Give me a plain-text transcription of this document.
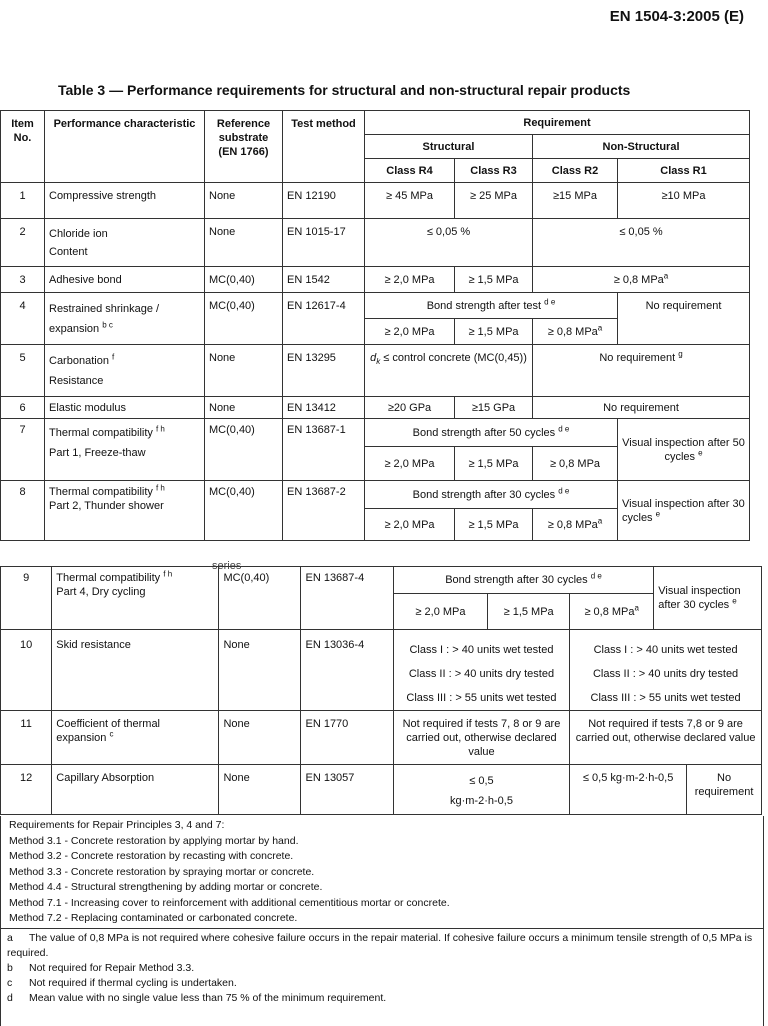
EN 1504-3:2005 (E)
Table 3 — Performance requirements for structural and non-structural repair products
Item No.	Performance characteristic	Reference substrate (EN 1766)	Test method	Requirement			
				Structural		Non-Structural	
				Class R4	Class R3	Class R2	Class R1
1	Compressive strength	None	EN 12190	≥ 45 MPa	≥ 25 MPa	≥15 MPa	≥10 MPa
2	Chloride ion
Content	None	EN 1015-17	≤ 0,05 %		≤ 0,05 %	
3	Adhesive bond	MC(0,40)	EN 1542	≥ 2,0 MPa	≥ 1,5 MPa	≥ 0,8 MPa$^a$
4	Restrained shrinkage /
expansion $^{b c}$	MC(0,40)	EN 12617-4	Bond strength after test $^{d e}$			No requirement
				≥ 2,0 MPa	≥ 1,5 MPa	≥ 0,8 MPa$^a$
5	Carbonation $^f$
Resistance	None	EN 13295	$d_k$ ≤ control concrete (MC(0,45))		No requirement $^g$
6	Elastic modulus	None	EN 13412	≥20 GPa	≥15 GPa	No requirement	
7	Thermal compatibility $^{f h}$
Part 1, Freeze-thaw	MC(0,40)	EN 13687-1	Bond strength after 50 cycles $^{d e}$			Visual inspection after 50 cycles $^e$
				≥ 2,0 MPa	≥ 1,5 MPa	≥ 0,8 MPa	
8	Thermal compatibility $^{f h}$
Part 2, Thunder shower	MC(0,40)	EN 13687-2	Bond strength after 30 cycles $^{d e}$			Visual inspection after 30 cycles $^e$
				≥ 2,0 MPa	≥ 1,5 MPa	≥ 0,8 MPa$^a$
series
9	Thermal compatibility $^{f h}$
Part 4, Dry cycling	MC(0,40)	EN 13687-4	Bond strength after 30 cycles $^{d e}$			Visual inspection after 30 cycles $^e$
				≥ 2,0 MPa	≥ 1,5 MPa	≥ 0,8 MPa$^a$
10	Skid resistance	None	EN 13036-4	Class I : > 40 units wet tested
Class II : > 40 units dry tested
Class III : > 55 units wet tested		Class I : > 40 units wet tested
Class II : > 40 units dry tested
Class III : > 55 units wet tested		
11	Coefficient of thermal
expansion $^c$	None	EN 1770	Not required if tests 7, 8 or 9 are carried out, otherwise declared value		Not required if tests 7,8 or 9 are carried out, otherwise declared value		
12	Capillary Absorption	None	EN 13057	≤ 0,5
kg·m-2·h-0,5		≤ 0,5 kg·m-2·h-0,5		No requirement
Requirements for Repair Principles 3, 4 and 7:
Method 3.1 - Concrete restoration by applying mortar by hand.
Method 3.2 - Concrete restoration by recasting with concrete.
Method 3.3 - Concrete restoration by spraying mortar or concrete.
Method 4.4 - Structural strengthening by adding mortar or concrete.
Method 7.1 - Increasing cover to reinforcement with additional cementitious mortar or concrete.
Method 7.2 - Replacing contaminated or carbonated concrete.
a The value of 0,8 MPa is not required where cohesive failure occurs in the repair material. If cohesive failure occurs a minimum tensile strength of 0,5 MPa is required.
b Not required for Repair Method 3.3.
c Not required if thermal cycling is undertaken.
d Mean value with no single value less than 75 % of the minimum requirement.
